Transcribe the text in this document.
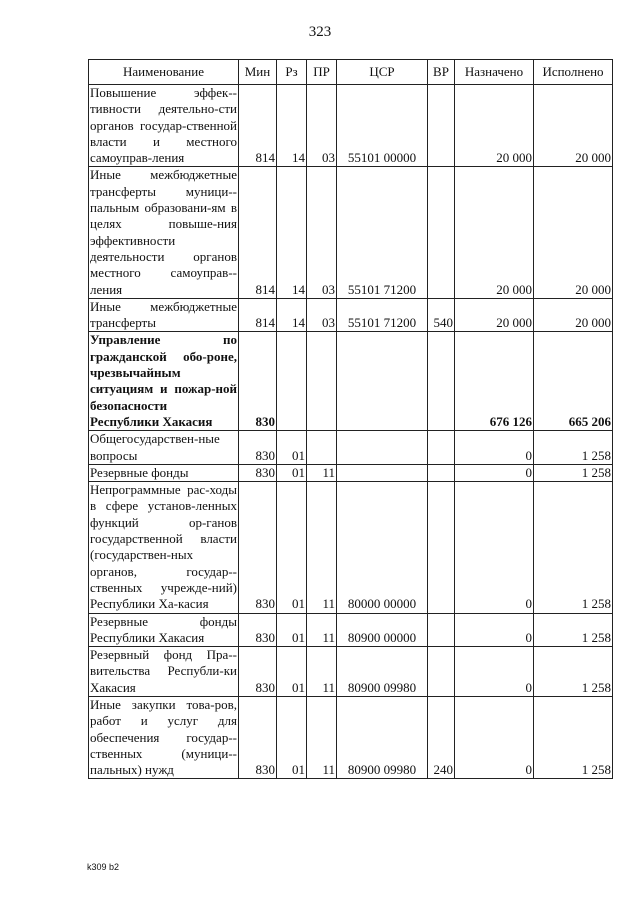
323
Наименование	Мин	Рз	ПР	ЦСР	ВР	Назначено	Исполнено
Повышение эффек-тивности деятельно-сти органов государ-ственной власти и местного самоуправ-ления	814	14	03	55101 00000		20 000	20 000
Иные межбюджетные трансферты муници-пальным образовани-ям в целях повыше-ния эффективности деятельности органов местного самоуправ-ления	814	14	03	55101 71200		20 000	20 000
Иные межбюджетные трансферты	814	14	03	55101 71200	540	20 000	20 000
Управление по гражданской обо-роне, чрезвычайным ситуациям и пожар-ной безопасности Республики Хакасия	830					676 126	665 206
Общегосударствен-ные вопросы	830	01				0	1 258
Резервные фонды	830	01	11			0	1 258
Непрограммные рас-ходы в сфере установ-ленных функций ор-ганов государственной власти (государствен-ных органов, государ-ственных учрежде-ний) Республики Ха-касия	830	01	11	80000 00000		0	1 258
Резервные фонды Республики Хакасия	830	01	11	80900 00000		0	1 258
Резервный фонд Пра-вительства Республи-ки Хакасия	830	01	11	80900 09980		0	1 258
Иные закупки това-ров, работ и услуг для обеспечения государ-ственных (муници-пальных) нужд	830	01	11	80900 09980	240	0	1 258
k309 b2
